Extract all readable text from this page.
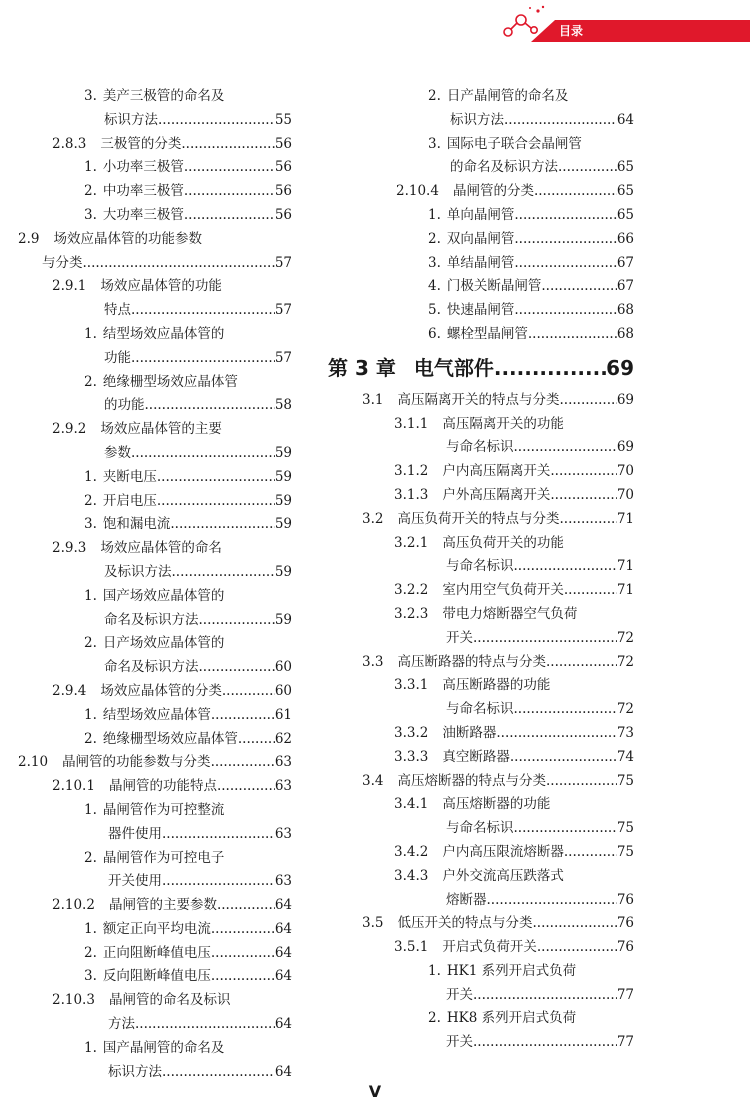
目录
3. 美产三极管的命名及
标识方法 .....	55
2.8.3 三极管的分类 .....	56
1. 小功率三极管 .....	56
2. 中功率三极管 .....	56
3. 大功率三极管 .....	56
2.9 场效应晶体管的功能参数
与分类 .....	57
2.9.1 场效应晶体管的功能
特点 .....	57
1. 结型场效应晶体管的
功能 .....	57
2. 绝缘栅型场效应晶体管
的功能 .....	58
2.9.2 场效应晶体管的主要
参数 .....	59
1. 夹断电压 .....	59
2. 开启电压 .....	59
3. 饱和漏电流 .....	59
2.9.3 场效应晶体管的命名
及标识方法 .....	59
1. 国产场效应晶体管的
命名及标识方法 .....	59
2. 日产场效应晶体管的
命名及标识方法 .....	60
2.9.4 场效应晶体管的分类 .....	60
1. 结型场效应晶体管 .....	61
2. 绝缘栅型场效应晶体管 .....	62
2.10 晶闸管的功能参数与分类 .....	63
2.10.1 晶闸管的功能特点 .....	63
1. 晶闸管作为可控整流
器件使用 .....	63
2. 晶闸管作为可控电子
开关使用 .....	63
2.10.2 晶闸管的主要参数 .....	64
1. 额定正向平均电流 .....	64
2. 正向阻断峰值电压 .....	64
3. 反向阻断峰值电压 .....	64
2.10.3 晶闸管的命名及标识
方法 .....	64
1. 国产晶闸管的命名及
标识方法 .....	64
2. 日产晶闸管的命名及
标识方法 .....	64
3. 国际电子联合会晶闸管
的命名及标识方法 .....	65
2.10.4 晶闸管的分类 .....	65
1. 单向晶闸管 .....	65
2. 双向晶闸管 .....	66
3. 单结晶闸管 .....	67
4. 门极关断晶闸管 .....	67
5. 快速晶闸管 .....	68
6. 螺栓型晶闸管 .....	68
第 3 章 电气部件 .....	69
3.1 高压隔离开关的特点与分类 .....	69
3.1.1 高压隔离开关的功能
与命名标识 .....	69
3.1.2 户内高压隔离开关 .....	70
3.1.3 户外高压隔离开关 .....	70
3.2 高压负荷开关的特点与分类 .....	71
3.2.1 高压负荷开关的功能
与命名标识 .....	71
3.2.2 室内用空气负荷开关 .....	71
3.2.3 带电力熔断器空气负荷
开关 .....	72
3.3 高压断路器的特点与分类 .....	72
3.3.1 高压断路器的功能
与命名标识 .....	72
3.3.2 油断路器 .....	73
3.3.3 真空断路器 .....	74
3.4 高压熔断器的特点与分类 .....	75
3.4.1 高压熔断器的功能
与命名标识 .....	75
3.4.2 户内高压限流熔断器 .....	75
3.4.3 户外交流高压跌落式
熔断器 .....	76
3.5 低压开关的特点与分类 .....	76
3.5.1 开启式负荷开关 .....	76
1. HK1 系列开启式负荷
开关 .....	77
2. HK8 系列开启式负荷
开关 .....	77
V
